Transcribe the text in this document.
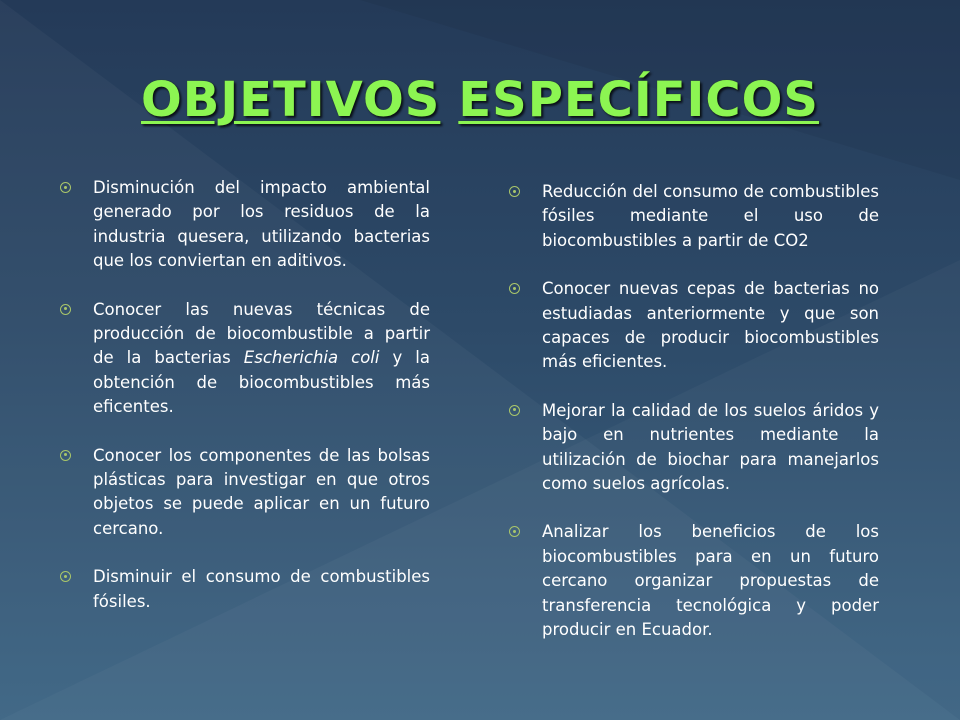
OBJETIVOS ESPECÍFICOS
Disminución del impacto ambiental generado por los residuos de la industria quesera, utilizando bacterias que los conviertan en aditivos.
Conocer las nuevas técnicas de producción de biocombustible a partir de la bacterias Escherichia coli y la obtención de biocombustibles más eficentes.
Conocer los componentes de las bolsas plásticas para investigar en que otros objetos se puede aplicar en un futuro cercano.
Disminuir el consumo de combustibles fósiles.
Reducción del consumo de combustibles fósiles mediante el uso de biocombustibles a partir de CO2
Conocer nuevas cepas de bacterias no estudiadas anteriormente y que son capaces de producir biocombustibles más eficientes.
Mejorar la calidad de los suelos áridos y bajo en nutrientes mediante la utilización de biochar para manejarlos como suelos agrícolas.
Analizar los beneficios de los biocombustibles para en un futuro cercano organizar propuestas de transferencia tecnológica y poder producir en Ecuador.
